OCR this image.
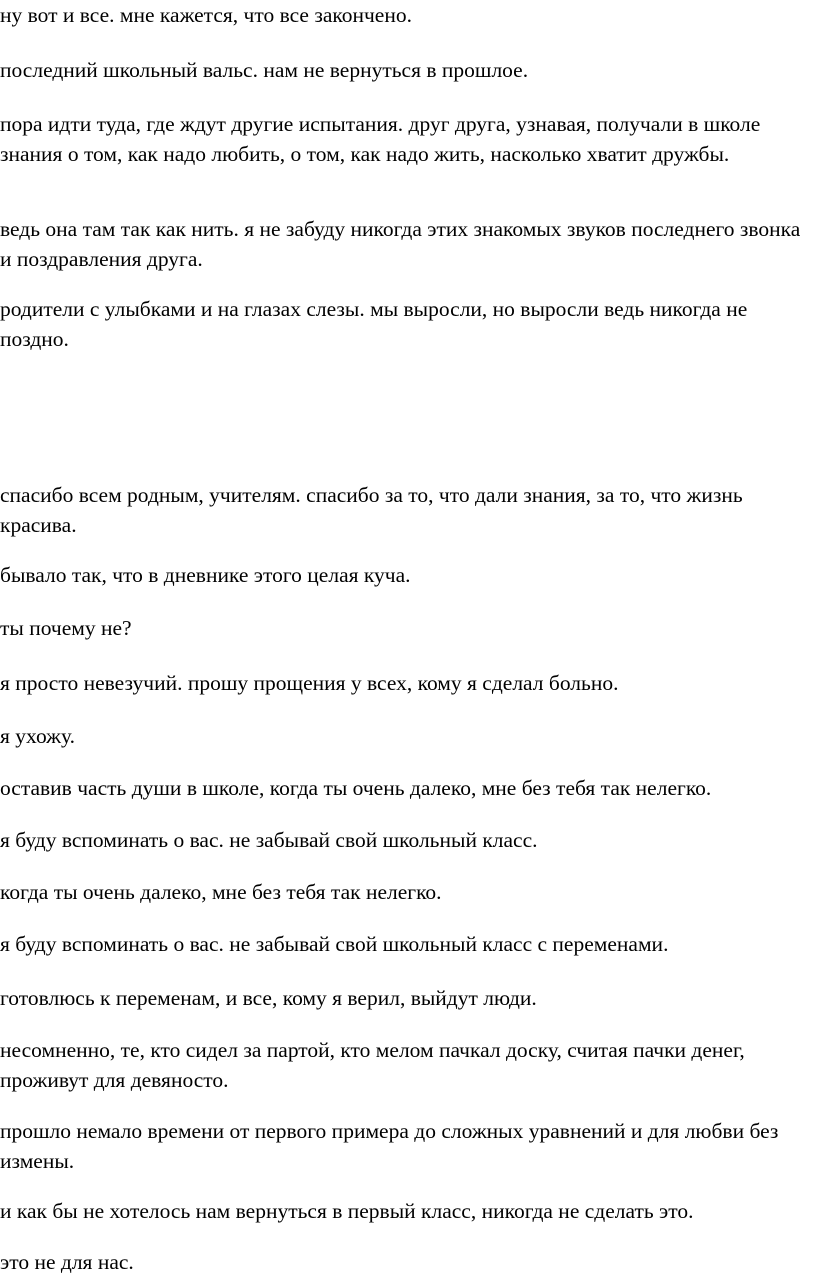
ну вот и все. мне кажется, что все закончено.

последний школьный вальс. нам не вернуться в прошлое.

пора идти туда, где ждут другие испытания. друг друга, узнавая, получали в школе знания о том, как надо любить, о том, как надо жить, насколько хватит дружбы.

ведь она там так как нить. я не забуду никогда этих знакомых звуков последнего звонка и поздравления друга.

родители с улыбками и на глазах слезы. мы выросли, но выросли ведь никогда не поздно.

спасибо всем родным, учителям. спасибо за то, что дали знания, за то, что жизнь красива.

бывало так, что в дневнике этого целая куча.

ты почему не?

я просто невезучий. прошу прощения у всех, кому я сделал больно.

я ухожу.

оставив часть души в школе, когда ты очень далеко, мне без тебя так нелегко.

я буду вспоминать о вас. не забывай свой школьный класс.

когда ты очень далеко, мне без тебя так нелегко.

я буду вспоминать о вас. не забывай свой школьный класс с переменами.

готовлюсь к переменам, и все, кому я верил, выйдут люди.

несомненно, те, кто сидел за партой, кто мелом пачкал доску, считая пачки денег, проживут для девяносто.

прошло немало времени от первого примера до сложных уравнений и для любви без измены.

и как бы не хотелось нам вернуться в первый класс, никогда не сделать это.

это не для нас.
